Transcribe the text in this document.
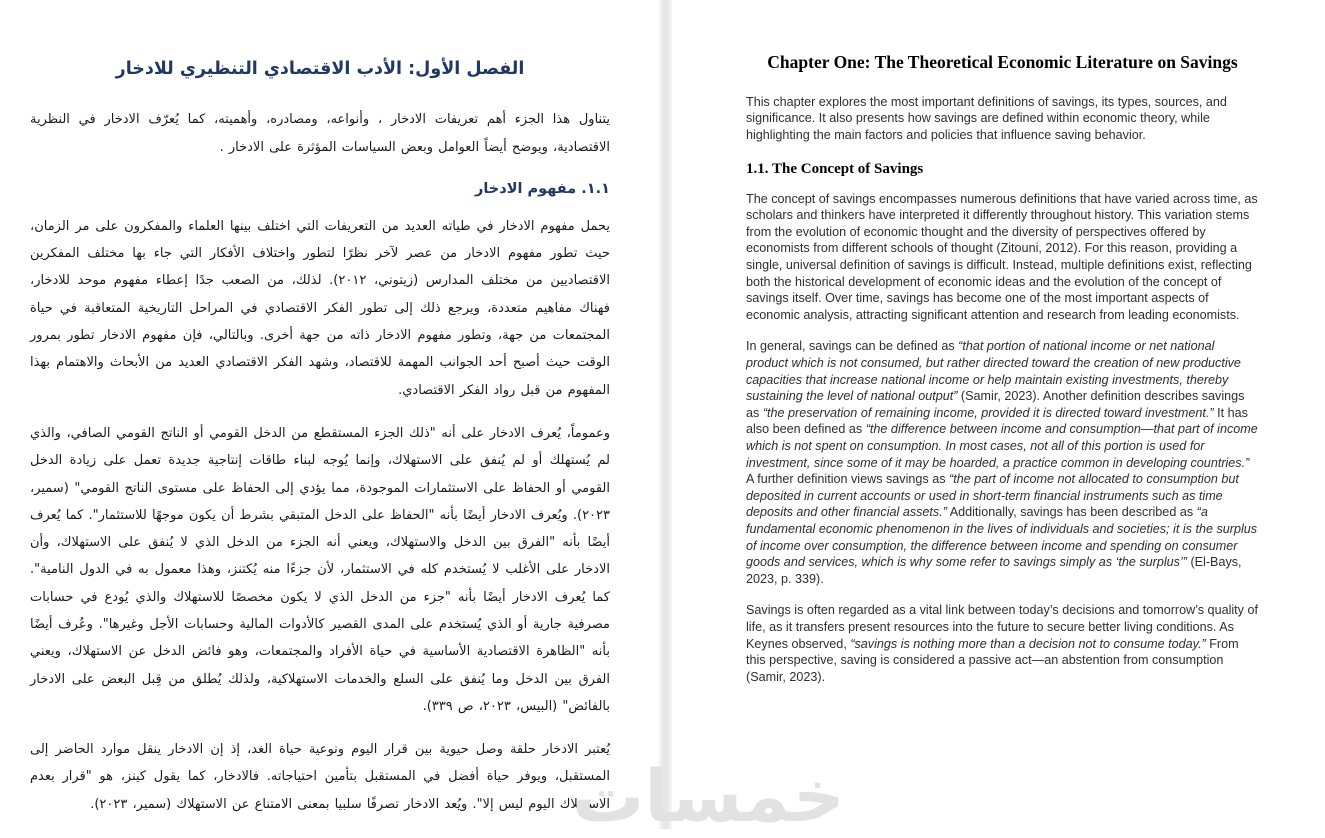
الفصل الأول: الأدب الاقتصادي التنظيري للادخار

يتناول هذا الجزء أهم تعريفات الادخار ، وأنواعه، ومصادره، وأهميته، كما يُعرّف الادخار في النظرية الاقتصادية، ويوضح أيضاً العوامل وبعض السياسات المؤثرة على الادخار .

١.١. مفهوم الادخار

يحمل مفهوم الادخار في طياته العديد من التعريفات التي اختلف بينها العلماء والمفكرون على مر الزمان، حيث تطور مفهوم الادخار من عصر لآخر نظرًا لتطور واختلاف الأفكار التي جاء بها مختلف المفكرين الاقتصاديين من مختلف المدارس (زيتوني، ٢٠١٢). لذلك، من الصعب جدًا إعطاء مفهوم موحد للادخار، فهناك مفاهيم متعددة، ويرجع ذلك إلى تطور الفكر الاقتصادي في المراحل التاريخية المتعاقبة في حياة المجتمعات من جهة، وتطور مفهوم الادخار ذاته من جهة أخرى. وبالتالي، فإن مفهوم الادخار تطور بمرور الوقت حيث أصبح أحد الجوانب المهمة للاقتصاد، وشهد الفكر الاقتصادي العديد من الأبحاث والاهتمام بهذا المفهوم من قبل رواد الفكر الاقتصادي.

وعموماً، يُعرف الادخار على أنه "ذلك الجزء المستقطع من الدخل القومي أو الناتج القومي الصافي، والذي لم يُستهلك أو لم يُنفق على الاستهلاك، وإنما يُوجه لبناء طاقات إنتاجية جديدة تعمل على زيادة الدخل القومي أو الحفاظ على الاستثمارات الموجودة، مما يؤدي إلى الحفاظ على مستوى الناتج القومي" (سمير، ٢٠٢٣). ويُعرف الادخار أيضًا بأنه "الحفاظ على الدخل المتبقي بشرط أن يكون موجهًا للاستثمار". كما يُعرف أيضًا بأنه "الفرق بين الدخل والاستهلاك، ويعني أنه الجزء من الدخل الذي لا يُنفق على الاستهلاك، وأن الادخار على الأغلب لا يُستخدم كله في الاستثمار، لأن جزءًا منه يُكتنز، وهذا معمول به في الدول النامية". كما يُعرف الادخار أيضًا بأنه "جزء من الدخل الذي لا يكون مخصصًا للاستهلاك والذي يُودع في حسابات مصرفية جارية أو الذي يُستخدم على المدى القصير كالأدوات المالية وحسابات الأجل وغيرها". وعُرف أيضًا بأنه "الظاهرة الاقتصادية الأساسية في حياة الأفراد والمجتمعات، وهو فائض الدخل عن الاستهلاك، ويعني الفرق بين الدخل وما يُنفق على السلع والخدمات الاستهلاكية، ولذلك يُطلق من قِبل البعض على الادخار بالفائض" (البيس، ٢٠٢٣، ص ٣٣٩).

يُعتبر الادخار حلقة وصل حيوية بين قرار اليوم ونوعية حياة الغد، إذ إن الادخار ينقل موارد الحاضر إلى المستقبل، ويوفر حياة أفضل في المستقبل بتأمين احتياجاته. فالادخار، كما يقول كينز، هو "قرار بعدم الاستهلاك اليوم ليس إلا". ويُعد الادخار تصرفًا سلبيا بمعنى الامتناع عن الاستهلاك (سمير، ٢٠٢٣).

Chapter One: The Theoretical Economic Literature on Savings

This chapter explores the most important definitions of savings, its types, sources, and significance. It also presents how savings are defined within economic theory, while highlighting the main factors and policies that influence saving behavior.

1.1. The Concept of Savings

The concept of savings encompasses numerous definitions that have varied across time, as scholars and thinkers have interpreted it differently throughout history. This variation stems from the evolution of economic thought and the diversity of perspectives offered by economists from different schools of thought (Zitouni, 2012). For this reason, providing a single, universal definition of savings is difficult. Instead, multiple definitions exist, reflecting both the historical development of economic ideas and the evolution of the concept of savings itself. Over time, savings has become one of the most important aspects of economic analysis, attracting significant attention and research from leading economists.

In general, savings can be defined as “that portion of national income or net national product which is not consumed, but rather directed toward the creation of new productive capacities that increase national income or help maintain existing investments, thereby sustaining the level of national output” (Samir, 2023). Another definition describes savings as “the preservation of remaining income, provided it is directed toward investment.” It has also been defined as “the difference between income and consumption—that part of income which is not spent on consumption. In most cases, not all of this portion is used for investment, since some of it may be hoarded, a practice common in developing countries.” A further definition views savings as “the part of income not allocated to consumption but deposited in current accounts or used in short-term financial instruments such as time deposits and other financial assets.” Additionally, savings has been described as “a fundamental economic phenomenon in the lives of individuals and societies; it is the surplus of income over consumption, the difference between income and spending on consumer goods and services, which is why some refer to savings simply as ‘the surplus’” (El-Bays, 2023, p. 339).

Savings is often regarded as a vital link between today’s decisions and tomorrow’s quality of life, as it transfers present resources into the future to secure better living conditions. As Keynes observed, “savings is nothing more than a decision not to consume today.” From this perspective, saving is considered a passive act—an abstention from consumption (Samir, 2023).

خمسات
